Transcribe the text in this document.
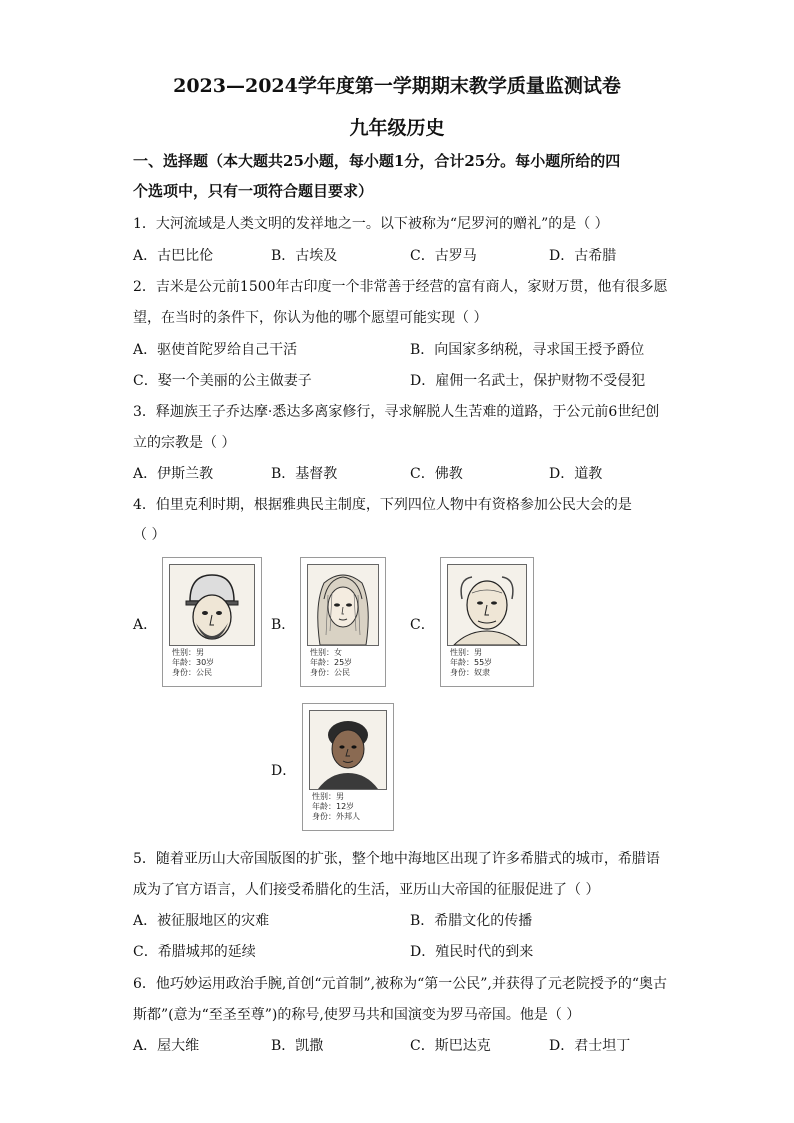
2023—2024学年度第一学期期末教学质量监测试卷
九年级历史
一、选择题（本大题共25小题，每小题1分，合计25分。每小题所给的四
个选项中，只有一项符合题目要求）
1．大河流域是人类文明的发祥地之一。以下被称为“尼罗河的赠礼”的是（ ）
A．古巴比伦	B．古埃及	C．古罗马	D．古希腊
2．吉米是公元前1500年古印度一个非常善于经营的富有商人，家财万贯，他有很多愿
望，在当时的条件下，你认为他的哪个愿望可能实现（ ）
A．驱使首陀罗给自己干活	B．向国家多纳税，寻求国王授予爵位
C．娶一个美丽的公主做妻子	D．雇佣一名武士，保护财物不受侵犯
3．释迦族王子乔达摩·悉达多离家修行，寻求解脱人生苦难的道路，于公元前6世纪创
立的宗教是（ ）
A．伊斯兰教	B．基督教	C．佛教	D．道教
4．伯里克利时期，根据雅典民主制度，下列四位人物中有资格参加公民大会的是
（ ）
A．	B．	C．
D．
性别：男
年龄：30岁
身份：公民
性别：女
年龄：25岁
身份：公民
性别：男
年龄：55岁
身份：奴隶
性别：男
年龄：12岁
身份：外邦人
5．随着亚历山大帝国版图的扩张，整个地中海地区出现了许多希腊式的城市，希腊语
成为了官方语言，人们接受希腊化的生活，亚历山大帝国的征服促进了（ ）
A．被征服地区的灾难	B．希腊文化的传播
C．希腊城邦的延续	D．殖民时代的到来
6．他巧妙运用政治手腕,首创“元首制”,被称为“第一公民”,并获得了元老院授予的“奥古
斯都”(意为“至圣至尊”)的称号,使罗马共和国演变为罗马帝国。他是（ ）
A．屋大维	B．凯撒	C．斯巴达克	D．君士坦丁
